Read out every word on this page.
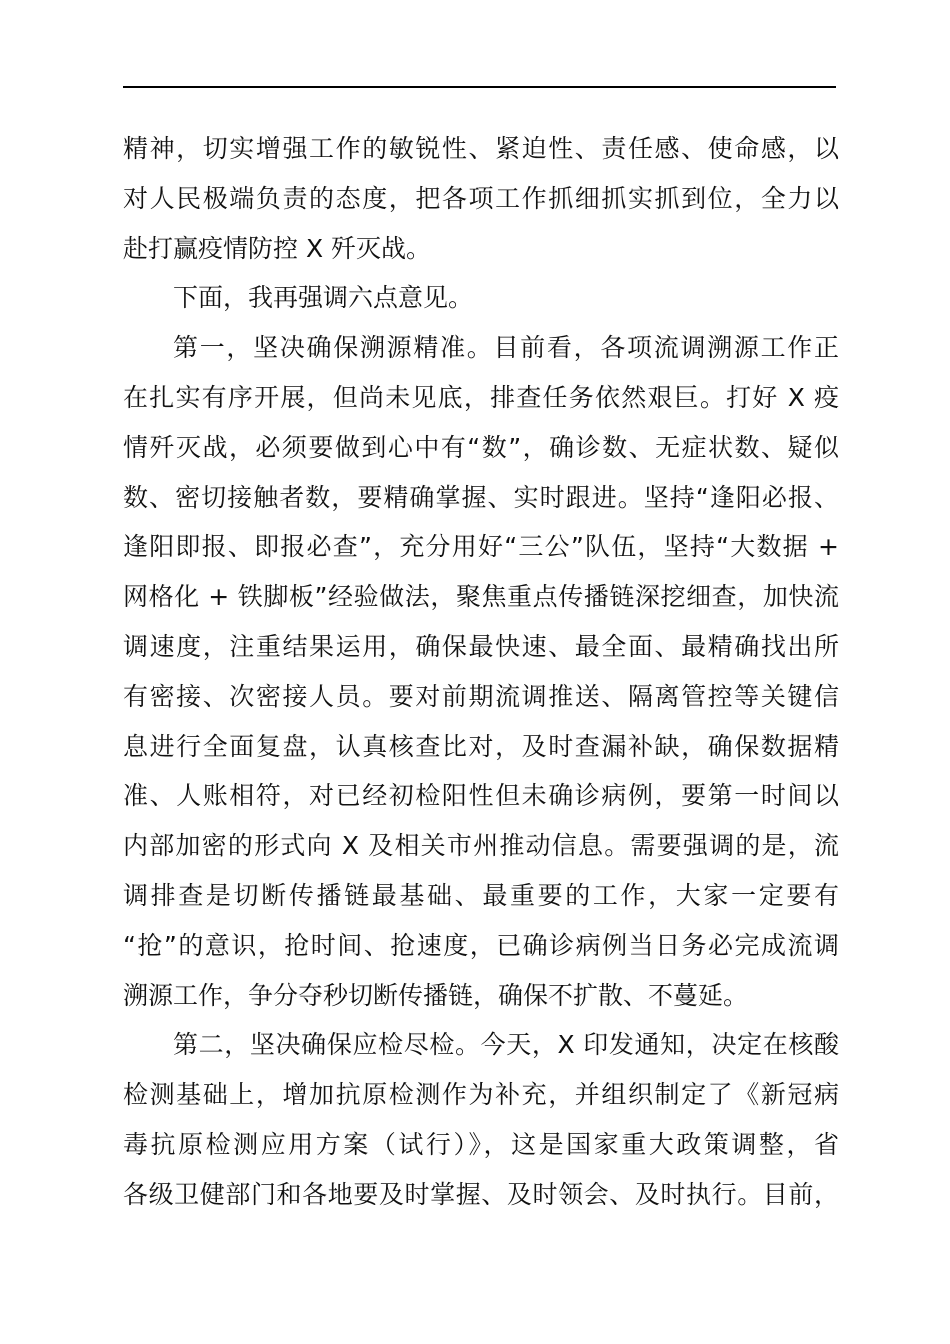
精神，切实增强工作的敏锐性、紧迫性、责任感、使命感，以
对人民极端负责的态度，把各项工作抓细抓实抓到位，全力以
赴打赢疫情防控 X 歼灭战。
下面，我再强调六点意见。
第一，坚决确保溯源精准。目前看，各项流调溯源工作正
在扎实有序开展，但尚未见底，排查任务依然艰巨。打好 X 疫
情歼灭战，必须要做到心中有“数”，确诊数、无症状数、疑似
数、密切接触者数，要精确掌握、实时跟进。坚持“逢阳必报、
逢阳即报、即报必查”，充分用好“三公”队伍，坚持“大数据 +
网格化 + 铁脚板”经验做法，聚焦重点传播链深挖细查，加快流
调速度，注重结果运用，确保最快速、最全面、最精确找出所
有密接、次密接人员。要对前期流调推送、隔离管控等关键信
息进行全面复盘，认真核查比对，及时查漏补缺，确保数据精
准、人账相符，对已经初检阳性但未确诊病例，要第一时间以
内部加密的形式向 X 及相关市州推动信息。需要强调的是，流
调排查是切断传播链最基础、最重要的工作，大家一定要有
“抢”的意识，抢时间、抢速度，已确诊病例当日务必完成流调
溯源工作，争分夺秒切断传播链，确保不扩散、不蔓延。
第二，坚决确保应检尽检。今天，X 印发通知，决定在核酸
检测基础上，增加抗原检测作为补充，并组织制定了《新冠病
毒抗原检测应用方案（试行）》，这是国家重大政策调整，省
各级卫健部门和各地要及时掌握、及时领会、及时执行。目前，
